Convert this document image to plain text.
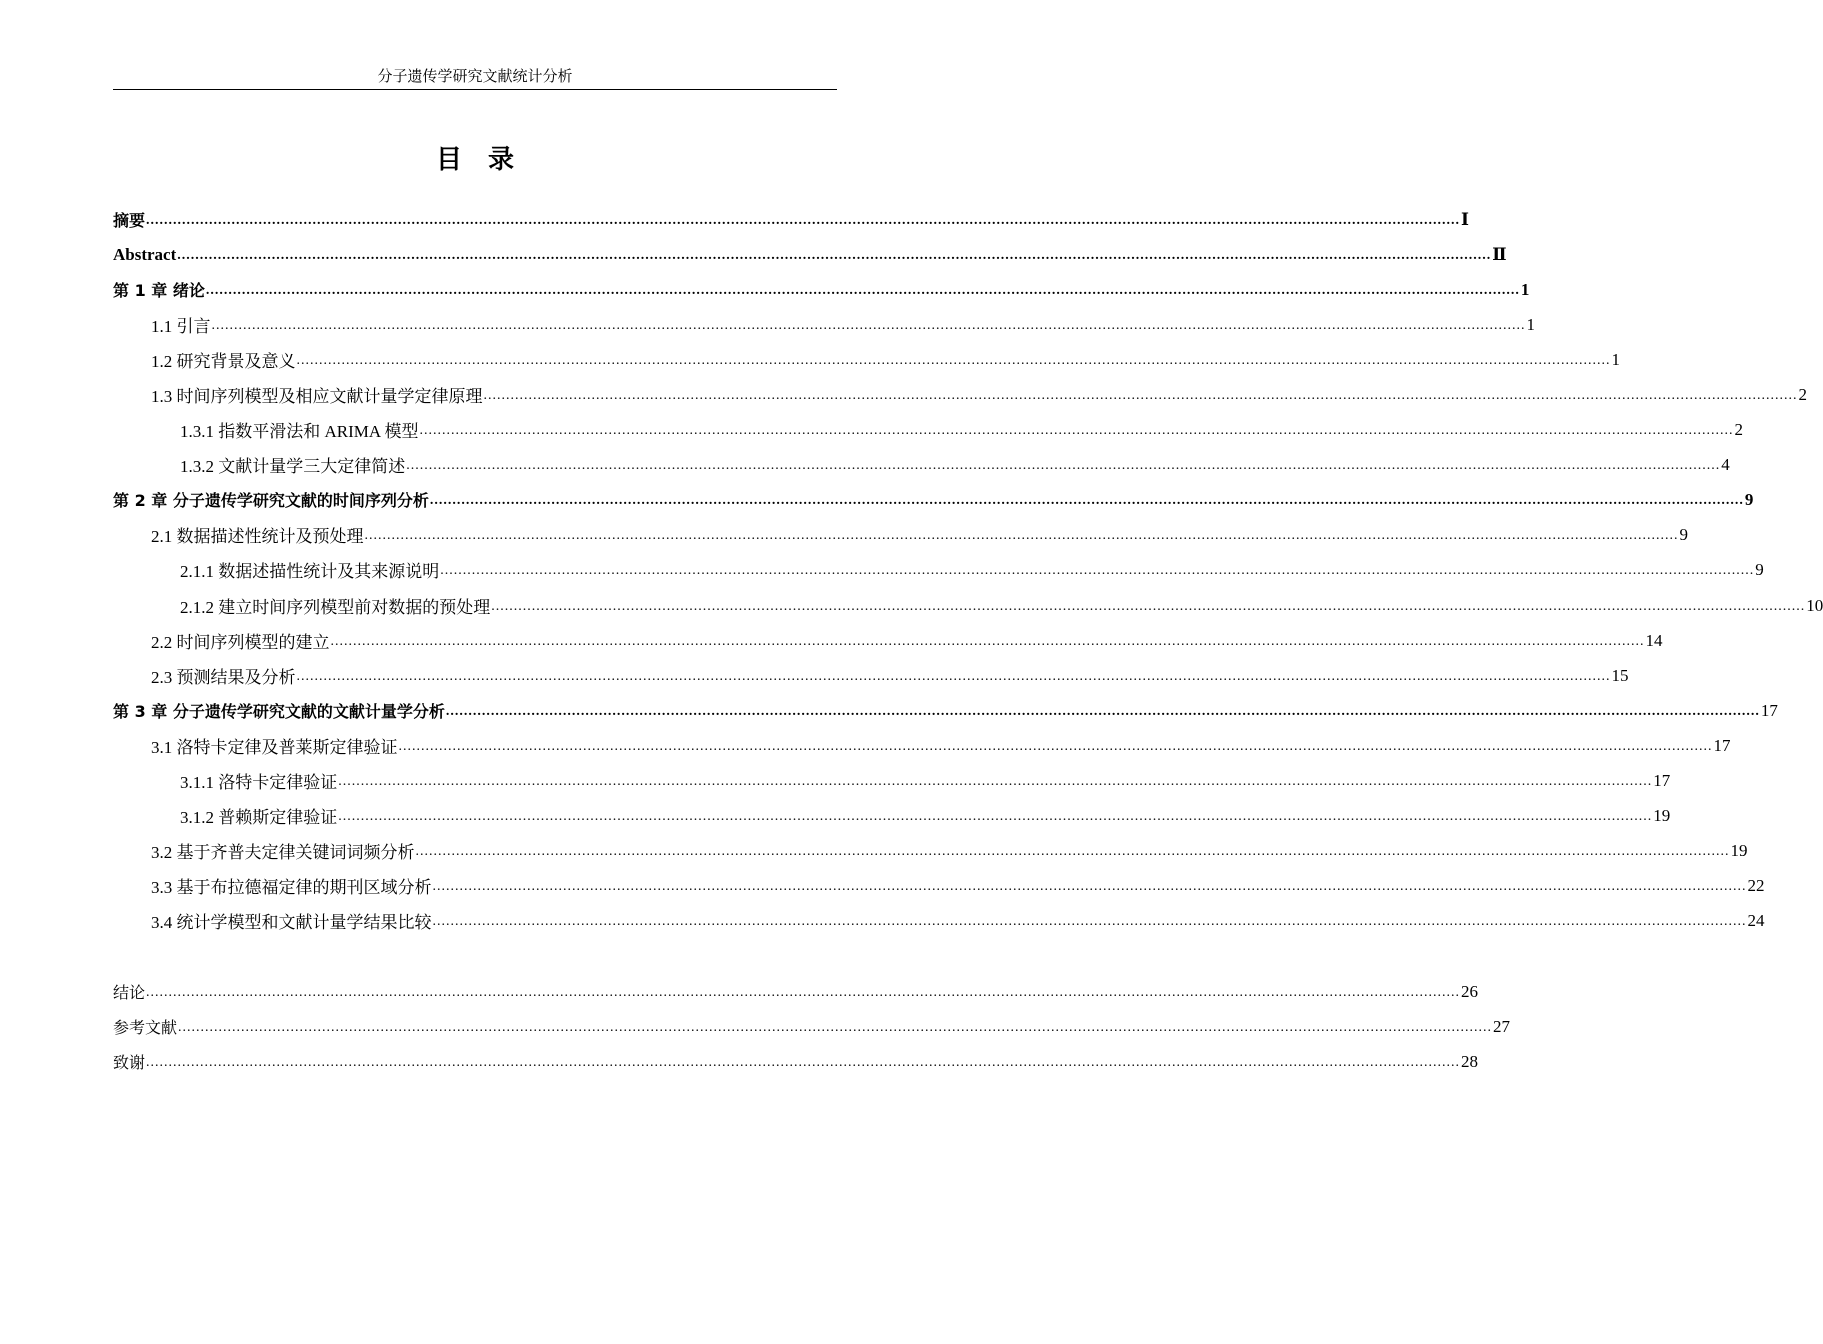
分子遗传学研究文献统计分析
目录
摘要 .................................................................................................................................................................................................................................................................................................... Ⅰ
Abstract .................................................................................................................................................................................................................................................................................................... Ⅱ
第 1 章 绪论 .................................................................................................................................................................................................................................................................................................... 1
1.1 引言 .................................................................................................................................................................................................................................................................................................... 1
1.2 研究背景及意义 .................................................................................................................................................................................................................................................................................................... 1
1.3 时间序列模型及相应文献计量学定律原理 .................................................................................................................................................................................................................................................................................................... 2
1.3.1 指数平滑法和 ARIMA 模型 .................................................................................................................................................................................................................................................................................................... 2
1.3.2 文献计量学三大定律简述 .................................................................................................................................................................................................................................................................................................... 4
第 2 章 分子遗传学研究文献的时间序列分析 .................................................................................................................................................................................................................................................................................................... 9
2.1 数据描述性统计及预处理 .................................................................................................................................................................................................................................................................................................... 9
2.1.1 数据述描性统计及其来源说明 .................................................................................................................................................................................................................................................................................................... 9
2.1.2 建立时间序列模型前对数据的预处理 .................................................................................................................................................................................................................................................................................................... 10
2.2 时间序列模型的建立 .................................................................................................................................................................................................................................................................................................... 14
2.3 预测结果及分析 .................................................................................................................................................................................................................................................................................................... 15
第 3 章 分子遗传学研究文献的文献计量学分析 .................................................................................................................................................................................................................................................................................................... 17
3.1 洛特卡定律及普莱斯定律验证 .................................................................................................................................................................................................................................................................................................... 17
3.1.1 洛特卡定律验证 .................................................................................................................................................................................................................................................................................................... 17
3.1.2 普赖斯定律验证 .................................................................................................................................................................................................................................................................................................... 19
3.2 基于齐普夫定律关键词词频分析 .................................................................................................................................................................................................................................................................................................... 19
3.3 基于布拉德福定律的期刊区域分析 .................................................................................................................................................................................................................................................................................................... 22
3.4 统计学模型和文献计量学结果比较 .................................................................................................................................................................................................................................................................................................... 24
结论 .................................................................................................................................................................................................................................................................................................... 26
参考文献 .................................................................................................................................................................................................................................................................................................... 27
致谢 .................................................................................................................................................................................................................................................................................................... 28
